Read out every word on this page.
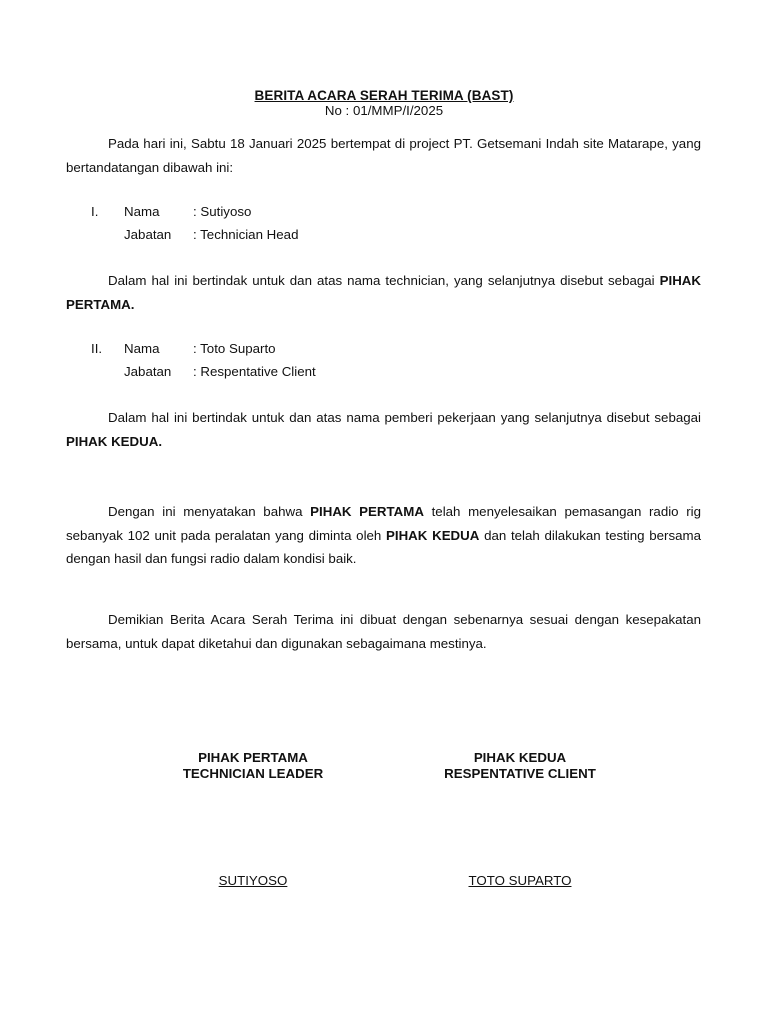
BERITA ACARA SERAH TERIMA (BAST)
No : 01/MMP/I/2025
Pada hari ini, Sabtu 18 Januari 2025 bertempat di project PT. Getsemani Indah site Matarape, yang bertandatangan dibawah ini:
I. Nama	: Sutiyoso
Jabatan : Technician Head
Dalam hal ini bertindak untuk dan atas nama technician, yang selanjutnya disebut sebagai PIHAK PERTAMA.
II. Nama	: Toto Suparto
Jabatan : Respentative Client
Dalam hal ini bertindak untuk dan atas nama pemberi pekerjaan yang selanjutnya disebut sebagai PIHAK KEDUA.
Dengan ini menyatakan bahwa PIHAK PERTAMA telah menyelesaikan pemasangan radio rig sebanyak 102 unit pada peralatan yang diminta oleh PIHAK KEDUA dan telah dilakukan testing bersama dengan hasil dan fungsi radio dalam kondisi baik.
Demikian Berita Acara Serah Terima ini dibuat dengan sebenarnya sesuai dengan kesepakatan bersama, untuk dapat diketahui dan digunakan sebagaimana mestinya.
PIHAK PERTAMA
TECHNICIAN LEADER
PIHAK KEDUA
RESPENTATIVE CLIENT
SUTIYOSO	TOTO SUPARTO
